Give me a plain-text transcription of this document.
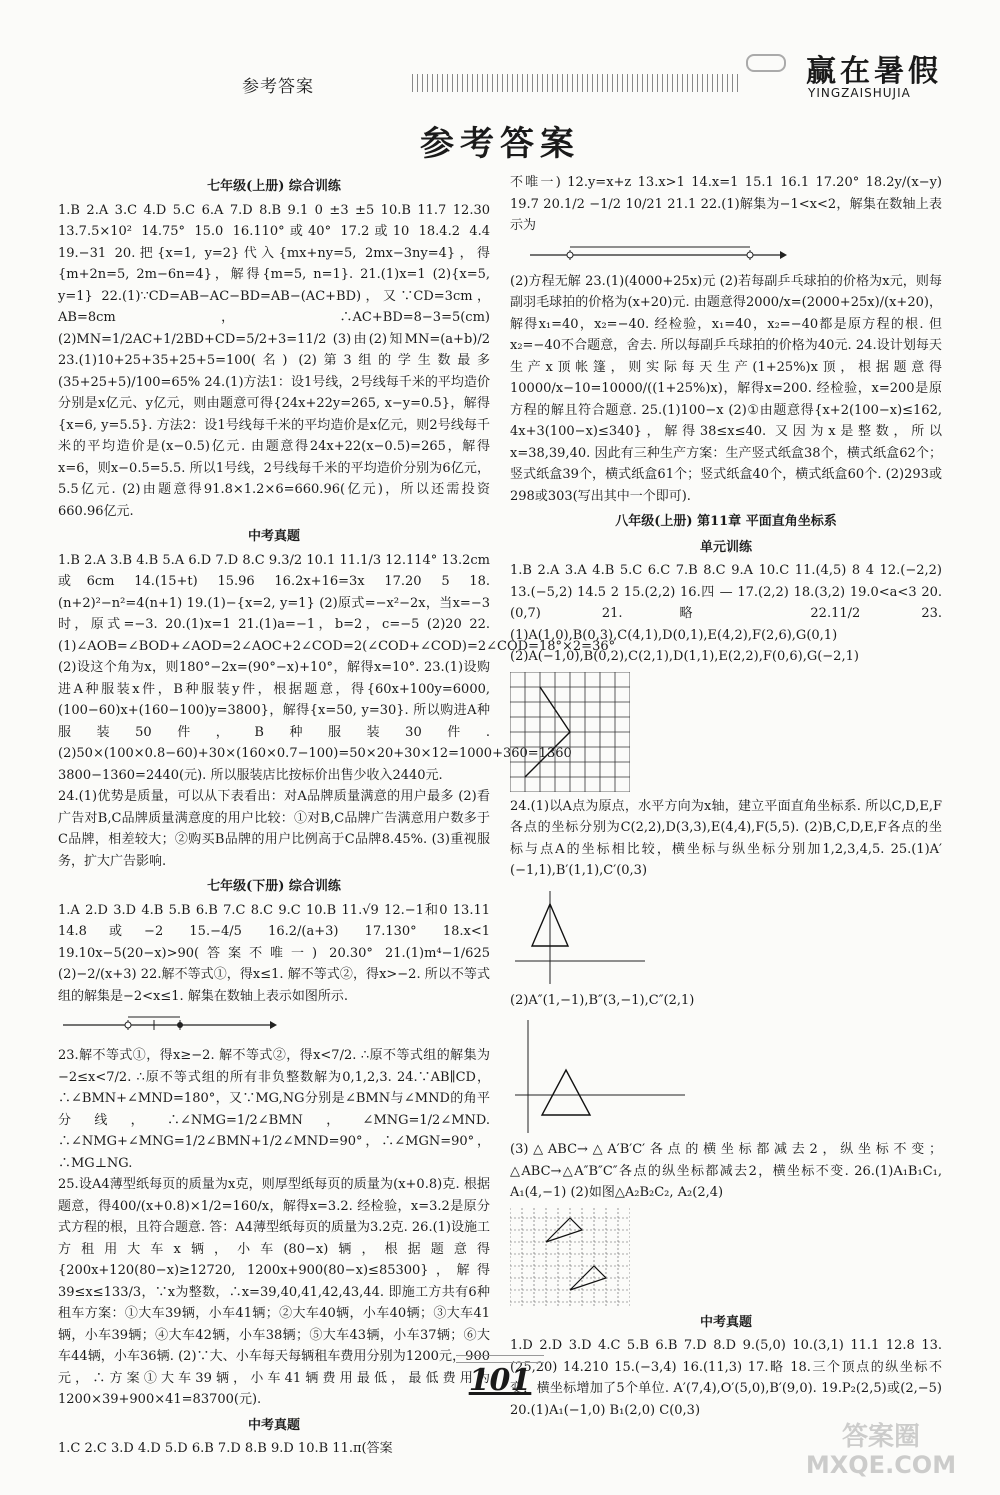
参考答案	赢在暑假
YINGZAISHUJIA
参考答案
七年级(上册) 综合训练

1.B 2.A 3.C 4.D 5.C 6.A 7.D 8.B 9.1 0 ±3 ±5 10.B 11.7 12.30 13.7.5×10² 14.75° 15.0 16.110°或40° 17.2或10 18.4.2 4.4 19.−31 20.把{x=1, y=2}代入{mx+ny=5, 2mx−3ny=4}，得{m+2n=5, 2m−6n=4}，解得{m=5, n=1}. 21.(1)x=1 (2){x=5, y=1} 22.(1)∵CD=AB−AC−BD=AB−(AC+BD)，又∵CD=3cm，AB=8cm，∴AC+BD=8−3=5(cm) (2)MN=1/2AC+1/2BD+CD=5/2+3=11/2 (3)由(2)知MN=(a+b)/2 23.(1)10+25+35+25+5=100(名) (2)第3组的学生数最多 (35+25+5)/100=65% 24.(1)方法1：设1号线，2号线每千米的平均造价分别是x亿元、y亿元，则由题意可得{24x+22y=265, x−y=0.5}，解得{x=6, y=5.5}. 方法2：设1号线每千米的平均造价是x亿元，则2号线每千米的平均造价是(x−0.5)亿元. 由题意得24x+22(x−0.5)=265，解得x=6，则x−0.5=5.5. 所以1号线，2号线每千米的平均造价分别为6亿元，5.5亿元. (2)由题意得91.8×1.2×6=660.96(亿元)，所以还需投资660.96亿元.

中考真题

1.B 2.A 3.B 4.B 5.A 6.D 7.D 8.C 9.3/2 10.1 11.1/3 12.114° 13.2cm或6cm 14.(15+t) 15.96 16.2x+16=3x 17.20 5 18.(n+2)²−n²=4(n+1) 19.(1)−{x=2, y=1} (2)原式=−x²−2x，当x=−3时，原式=−3. 20.(1)x=1 21.(1)a=−1，b=2，c=−5 (2)20 22.(1)∠AOB=∠BOD+∠AOD=2∠AOC+2∠COD=2(∠COD+∠COD)=2∠COD=18°×2=36° (2)设这个角为x，则180°−2x=(90°−x)+10°，解得x=10°. 23.(1)设购进A种服装x件，B种服装y件，根据题意，得{60x+100y=6000, (100−60)x+(160−100)y=3800}，解得{x=50, y=30}. 所以购进A种服装50件，B种服装30件. (2)50×(100×0.8−60)+30×(160×0.7−100)=50×20+30×12=1000+360=1360 3800−1360=2440(元). 所以服装店比按标价出售少收入2440元.

24.(1)优势是质量，可以从下表看出：对A品牌质量满意的用户最多 (2)看广告对B,C品牌质量满意度的用户比较：①对B,C品牌广告满意用户数多于C品牌，相差较大；②购买B品牌的用户比例高于C品牌8.45%. (3)重视服务，扩大广告影响.

七年级(下册) 综合训练

1.A 2.D 3.D 4.B 5.B 6.B 7.C 8.C 9.C 10.B 11.√9 12.−1和0 13.11 14.8或−2 15.−4/5 16.2/(a+3) 17.130° 18.x<1 19.10x−5(20−x)>90(答案不唯一) 20.30° 21.(1)m⁴−1/625 (2)−2/(x+3) 22.解不等式①，得x≤1. 解不等式②，得x>−2. 所以不等式组的解集是−2<x≤1. 解集在数轴上表示如图所示.

23.解不等式①，得x≥−2. 解不等式②，得x<7/2. ∴原不等式组的解集为−2≤x<7/2. ∴原不等式组的所有非负整数解为0,1,2,3. 24.∵AB∥CD，∴∠BMN+∠MND=180°，又∵MG,NG分别是∠BMN与∠MND的角平分线，∴∠NMG=1/2∠BMN，∠MNG=1/2∠MND. ∴∠NMG+∠MNG=1/2∠BMN+1/2∠MND=90°，∴∠MGN=90°，∴MG⊥NG.

25.设A4薄型纸每页的质量为x克，则厚型纸每页的质量为(x+0.8)克. 根据题意，得400/(x+0.8)×1/2=160/x，解得x=3.2. 经检验，x=3.2是原分式方程的根，且符合题意. 答：A4薄型纸每页的质量为3.2克. 26.(1)设施工方租用大车x辆，小车(80−x)辆，根据题意得{200x+120(80−x)≥12720, 1200x+900(80−x)≤85300}，解得39≤x≤133/3，∵x为整数，∴x=39,40,41,42,43,44. 即施工方共有6种租车方案：①大车39辆，小车41辆；②大车40辆，小车40辆；③大车41辆，小车39辆；④大车42辆，小车38辆；⑤大车43辆，小车37辆；⑥大车44辆，小车36辆. (2)∵大、小车每天每辆租车费用分别为1200元，900元，∴方案①大车39辆，小车41辆费用最低，最低费用为1200×39+900×41=83700(元).

中考真题

1.C 2.C 3.D 4.D 5.D 6.B 7.D 8.B 9.D 10.B 11.π(答案

不唯一) 12.y=x+z 13.x>1 14.x=1 15.1 16.1 17.20° 18.2y/(x−y) 19.7 20.1/2 −1/2 10/21 21.1 22.(1)解集为−1<x<2，解集在数轴上表示为

(2)方程无解 23.(1)(4000+25x)元 (2)若每副乒乓球拍的价格为x元，则每副羽毛球拍的价格为(x+20)元. 由题意得2000/x=(2000+25x)/(x+20)，解得x₁=40，x₂=−40. 经检验，x₁=40，x₂=−40都是原方程的根. 但x₂=−40不合题意，舍去. 所以每副乒乓球拍的价格为40元. 24.设计划每天生产x顶帐篷，则实际每天生产(1+25%)x顶，根据题意得10000/x−10=10000/((1+25%)x)，解得x=200. 经检验，x=200是原方程的解且符合题意. 25.(1)100−x (2)①由题意得{x+2(100−x)≤162, 4x+3(100−x)≤340}，解得38≤x≤40. 又因为x是整数，所以x=38,39,40. 因此有三种生产方案：生产竖式纸盒38个，横式纸盒62个；竖式纸盒39个，横式纸盒61个；竖式纸盒40个，横式纸盒60个. (2)293或298或303(写出其中一个即可).

八年级(上册) 第11章 平面直角坐标系
单元训练

1.B 2.A 3.A 4.B 5.C 6.C 7.B 8.C 9.A 10.C 11.(4,5) 8 4 12.(−2,2) 13.(−5,2) 14.5 2 15.(2,2) 16.四 — 17.(2,2) 18.(3,2) 19.0<a<3 20.(0,7) 21.略 22.11/2 23.(1)A(1,0),B(0,3),C(4,1),D(0,1),E(4,2),F(2,6),G(0,1) (2)A(−1,0),B(0,2),C(2,1),D(1,1),E(2,2),F(0,6),G(−2,1)

24.(1)以A点为原点，水平方向为x轴，建立平面直角坐标系. 所以C,D,E,F各点的坐标分别为C(2,2),D(3,3),E(4,4),F(5,5). (2)B,C,D,E,F各点的坐标与点A的坐标相比较，横坐标与纵坐标分别加1,2,3,4,5. 25.(1)A′(−1,1),B′(1,1),C′(0,3)

(2)A″(1,−1),B″(3,−1),C″(2,1)

(3)△ABC→△A′B′C′各点的横坐标都减去2，纵坐标不变；△ABC→△A″B″C″各点的纵坐标都减去2，横坐标不变. 26.(1)A₁B₁C₁, A₁(4,−1) (2)如图△A₂B₂C₂, A₂(2,4)

中考真题

1.D 2.D 3.D 4.C 5.B 6.B 7.D 8.D 9.(5,0) 10.(3,1) 11.1 12.8 13.(25,20) 14.210 15.(−3,4) 16.(11,3) 17.略 18.三个顶点的纵坐标不变，横坐标增加了5个单位. A′(7,4),O′(5,0),B′(9,0). 19.P₂(2,5)或(2,−5) 20.(1)A₁(−1,0) B₁(2,0) C(0,3)

101
答案圈
MXQE.COM
